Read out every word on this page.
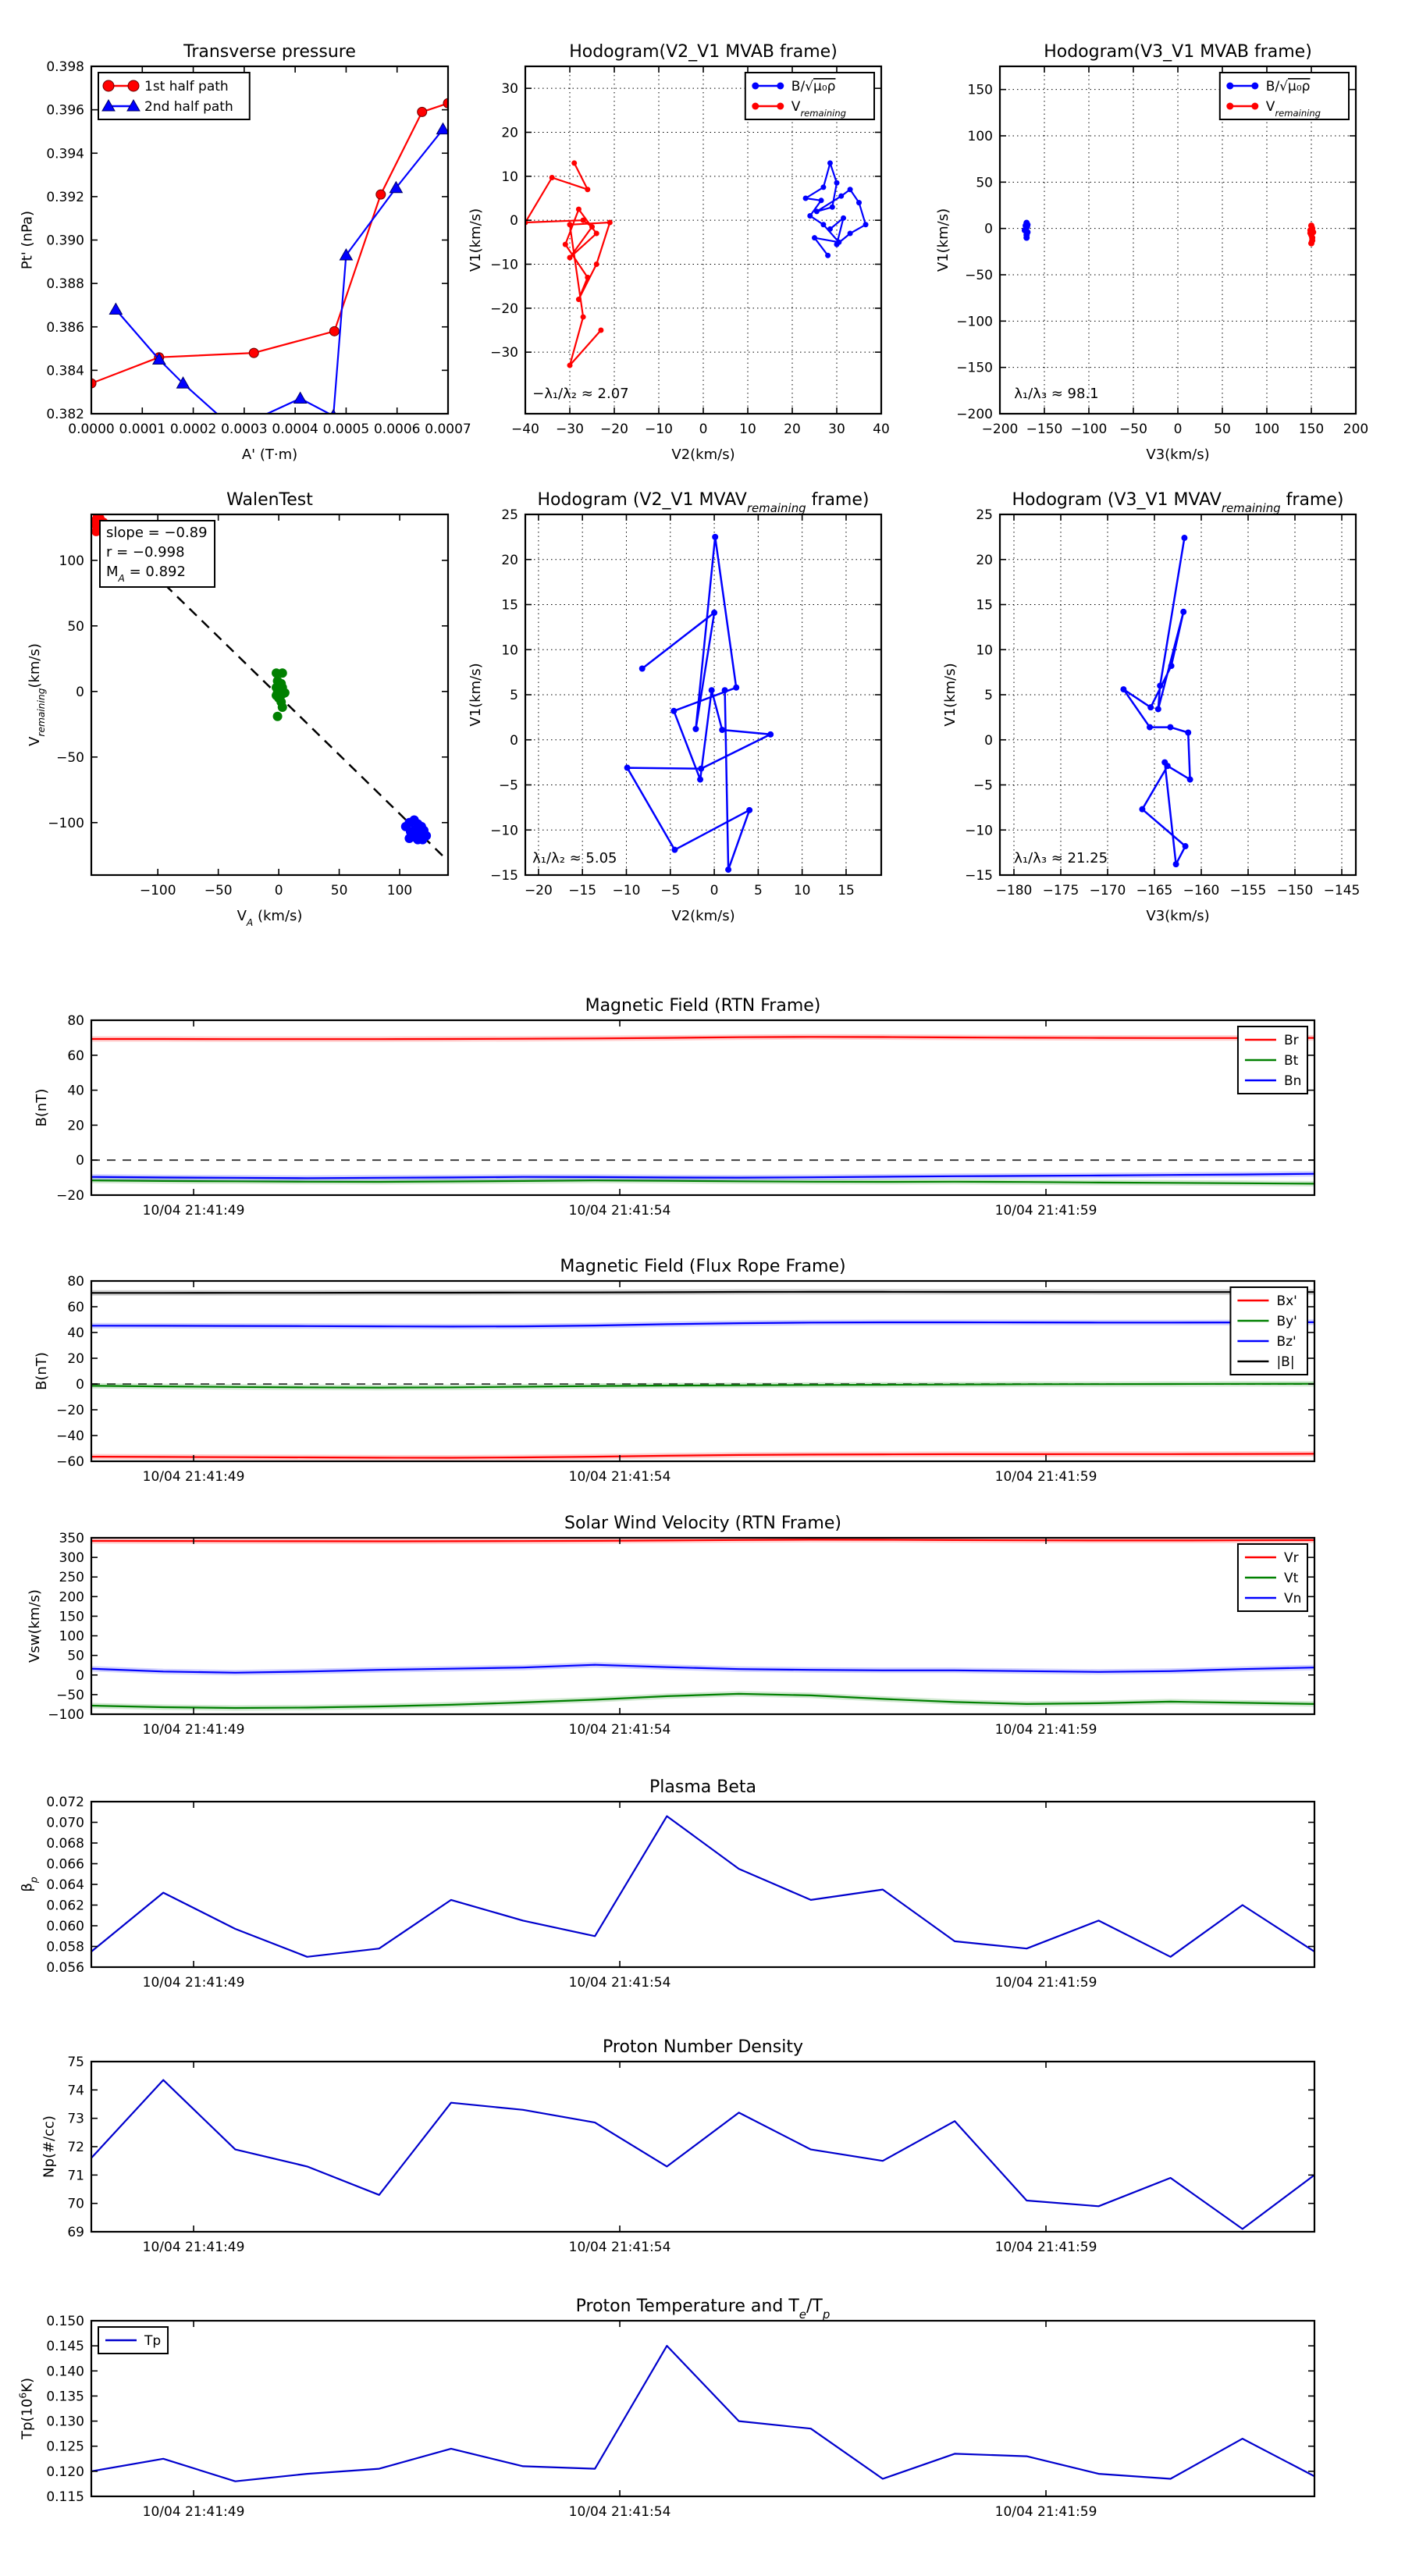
0.0000 0.0001 0.0002 0.0003 0.0004 0.0005 0.0006 0.0007
0.382
0.384
0.386
0.388
0.390
0.392
0.394
0.396
0.398
Transverse pressure
A' (T·m)
Pt' (nPa)
1st half path
2nd half path
−40 −30 −20 −10 0 10 20 30 40
−30
−20
−10
0
10
20
30
Hodogram(V2_V1 MVAB frame)
V2(km/s)
V1(km/s)
B/√μ₀ρ
$V_{remaining}$
−λ₁/λ₂ ≈ 2.07
−200 −150 −100 −50 0 50 100 150 200
−200
−150
−100
−50
0
50
100
150
Hodogram(V3_V1 MVAB frame)
V3(km/s)
V1(km/s)
B/√μ₀ρ
$V_{remaining}$
λ₁/λ₃ ≈ 98.1
−100 −50	0	50	100
−100
−50
0
50
100
WalenTest
$V_A$ (km/s)
$V_{remaining}(km/s)$
slope = −0.89
r = −0.998
$M_A = 0.892$
−20 −15 −10 −5 0	5 10 15
−15
−10
−5
0
5
10
15
20
25
Hodogram (V2_V1 $MVAV_{remaining}$ frame)
V2(km/s)
V1(km/s)
λ₁/λ₂ ≈ 5.05
−180 −175 −170 −165 −160 −155 −150 −145
−15
−10
−5
0
5
10
15
20
25
Hodogram (V3_V1 $MVAV_{remaining}$ frame)
V3(km/s)
V1(km/s)
λ₁/λ₃ ≈ 21.25
10/04 21:41:49	10/04 21:41:54	10/04 21:41:59
−20
0
20
40
60
80
Magnetic Field (RTN Frame)
B(nT)
Br
Bt
Bn
10/04 21:41:49	10/04 21:41:54	10/04 21:41:59
−60
−40
−20
0
20
40
60
80
Magnetic Field (Flux Rope Frame)
B(nT)
Bx'
By'
Bz'
|B|
10/04 21:41:49	10/04 21:41:54	10/04 21:41:59
−100
−50
0
50
100
150
200
250
300
350
Solar Wind Velocity (RTN Frame)
Vsw(km/s)
Vr
Vt
Vn
10/04 21:41:49	10/04 21:41:54	10/04 21:41:59
0.056
0.058
0.060
0.062
0.064
0.066
0.068
0.070
0.072
Plasma Beta
$\beta_p$
10/04 21:41:49	10/04 21:41:54	10/04 21:41:59
69
70
71
72
73
74
75
Proton Number Density
Np(#/cc)
10/04 21:41:49	10/04 21:41:54	10/04 21:41:59
0.115
0.120
0.125
0.130
0.135
0.140
0.145
0.150
Proton Temperature and $T_e/T_p$
$Tp(10^6K)$
Tp
